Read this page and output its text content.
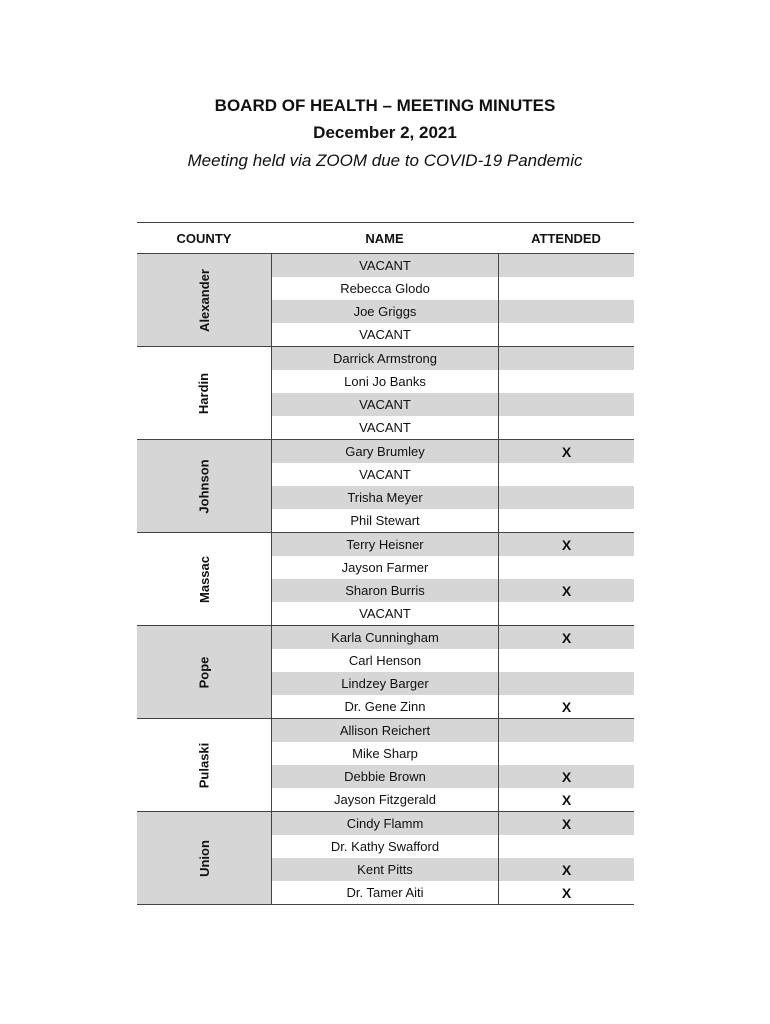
BOARD OF HEALTH – MEETING MINUTES

December 2, 2021

Meeting held via ZOOM due to COVID-19 Pandemic

COUNTY	NAME	ATTENDED
Alexander
VACANT
Rebecca Glodo
Joe Griggs
VACANT
Hardin
Darrick Armstrong
Loni Jo Banks
VACANT
VACANT
Johnson
Gary Brumley	X
VACANT
Trisha Meyer
Phil Stewart
Massac
Terry Heisner	X
Jayson Farmer
Sharon Burris	X
VACANT
Pope
Karla Cunningham	X
Carl Henson
Lindzey Barger
Dr. Gene Zinn	X
Pulaski
Allison Reichert
Mike Sharp
Debbie Brown	X
Jayson Fitzgerald	X
Union
Cindy Flamm	X
Dr. Kathy Swafford
Kent Pitts	X
Dr. Tamer Aiti	X
